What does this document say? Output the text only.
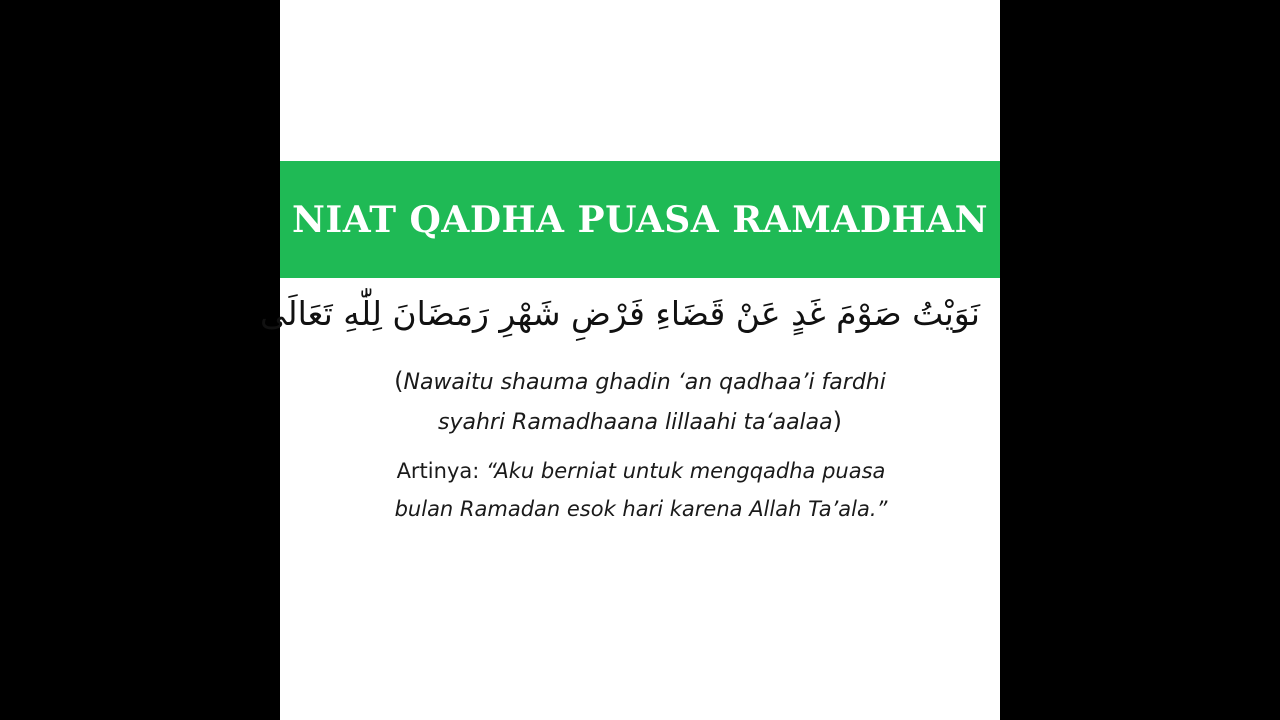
NIAT QADHA PUASA RAMADHAN
نَوَيْتُ صَوْمَ غَدٍ عَنْ قَضَاءِ فَرْضِ شَهْرِ رَمَضَانَ لِلّٰهِ تَعَالَى
(Nawaitu shauma ghadin ‘an qadhaa’i fardhi
syahri Ramadhaana lillaahi ta‘aalaa)
Artinya: “Aku berniat untuk mengqadha puasa
bulan Ramadan esok hari karena Allah Ta’ala.”
